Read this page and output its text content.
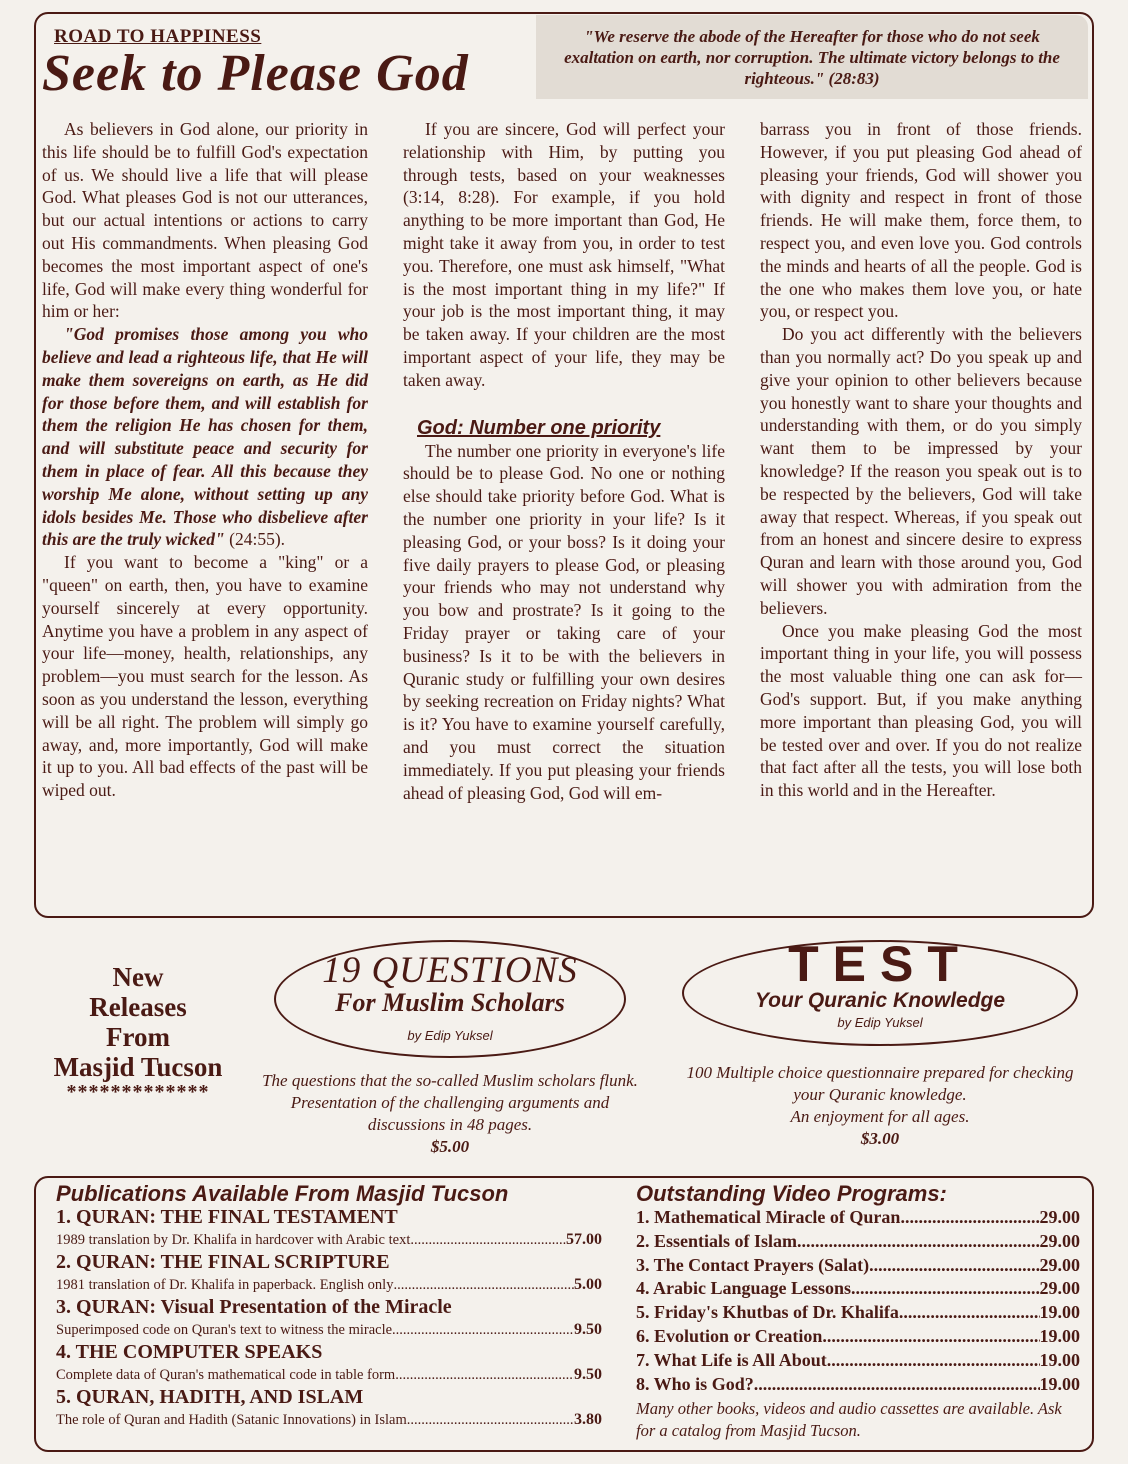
ROAD TO HAPPINESS
Seek to Please God

"We reserve the abode of the Hereafter for those who do not seek exaltation on earth, nor corruption. The ultimate victory belongs to the righteous." (28:83)

As believers in God alone, our priority in this life should be to fulfill God's expectation of us. We should live a life that will please God. What pleases God is not our utterances, but our actual intentions or actions to carry out His commandments. When pleasing God becomes the most important aspect of one's life, God will make every thing wonderful for him or her:

"God promises those among you who believe and lead a righteous life, that He will make them sovereigns on earth, as He did for those before them, and will establish for them the religion He has chosen for them, and will substitute peace and security for them in place of fear. All this because they worship Me alone, without setting up any idols besides Me. Those who disbelieve after this are the truly wicked" (24:55).

If you want to become a "king" or a "queen" on earth, then, you have to examine yourself sincerely at every opportunity. Anytime you have a problem in any aspect of your life—money, health, relationships, any problem—you must search for the lesson. As soon as you understand the lesson, everything will be all right. The problem will simply go away, and, more importantly, God will make it up to you. All bad effects of the past will be wiped out.

If you are sincere, God will perfect your relationship with Him, by putting you through tests, based on your weaknesses (3:14, 8:28). For example, if you hold anything to be more important than God, He might take it away from you, in order to test you. Therefore, one must ask himself, "What is the most important thing in my life?" If your job is the most important thing, it may be taken away. If your children are the most important aspect of your life, they may be taken away.

God: Number one priority

The number one priority in everyone's life should be to please God. No one or nothing else should take priority before God. What is the number one priority in your life? Is it pleasing God, or your boss? Is it doing your five daily prayers to please God, or pleasing your friends who may not understand why you bow and prostrate? Is it going to the Friday prayer or taking care of your business? Is it to be with the believers in Quranic study or fulfilling your own desires by seeking recreation on Friday nights? What is it? You have to examine yourself carefully, and you must correct the situation immediately. If you put pleasing your friends ahead of pleasing God, God will em-

barrass you in front of those friends. However, if you put pleasing God ahead of pleasing your friends, God will shower you with dignity and respect in front of those friends. He will make them, force them, to respect you, and even love you. God controls the minds and hearts of all the people. God is the one who makes them love you, or hate you, or respect you.

Do you act differently with the believers than you normally act? Do you speak up and give your opinion to other believers because you honestly want to share your thoughts and understanding with them, or do you simply want them to be impressed by your knowledge? If the reason you speak out is to be respected by the believers, God will take away that respect. Whereas, if you speak out from an honest and sincere desire to express Quran and learn with those around you, God will shower you with admiration from the believers.

Once you make pleasing God the most important thing in your life, you will possess the most valuable thing one can ask for—God's support. But, if you make anything more important than pleasing God, you will be tested over and over. If you do not realize that fact after all the tests, you will lose both in this world and in the Hereafter.

New
Releases
From
Masjid Tucson
*************
19 QUESTIONS
For Muslim Scholars
by Edip Yuksel
The questions that the so-called Muslim scholars flunk. Presentation of the challenging arguments and discussions in 48 pages.
$5.00
TEST
Your Quranic Knowledge
by Edip Yuksel
100 Multiple choice questionnaire prepared for checking your Quranic knowledge.
An enjoyment for all ages.
$3.00
Publications Available From Masjid Tucson
1. QURAN: THE FINAL TESTAMENT
1989 translation by Dr. Khalifa in hardcover with Arabic text .....	57.00
2. QURAN: THE FINAL SCRIPTURE
1981 translation of Dr. Khalifa in paperback. English only .....	5.00
3. QURAN: Visual Presentation of the Miracle
Superimposed code on Quran's text to witness the miracle .....	9.50
4. THE COMPUTER SPEAKS
Complete data of Quran's mathematical code in table form .....	9.50
5. QURAN, HADITH, AND ISLAM
The role of Quran and Hadith (Satanic Innovations) in Islam .....	3.80
Outstanding Video Programs:
1. Mathematical Miracle of Quran .....	29.00
2. Essentials of Islam .....	29.00
3. The Contact Prayers (Salat) .....	29.00
4. Arabic Language Lessons .....	29.00
5. Friday's Khutbas of Dr. Khalifa .....	19.00
6. Evolution or Creation .....	19.00
7. What Life is All About .....	19.00
8. Who is God? .....	19.00
Many other books, videos and audio cassettes are available. Ask for a catalog from Masjid Tucson.
